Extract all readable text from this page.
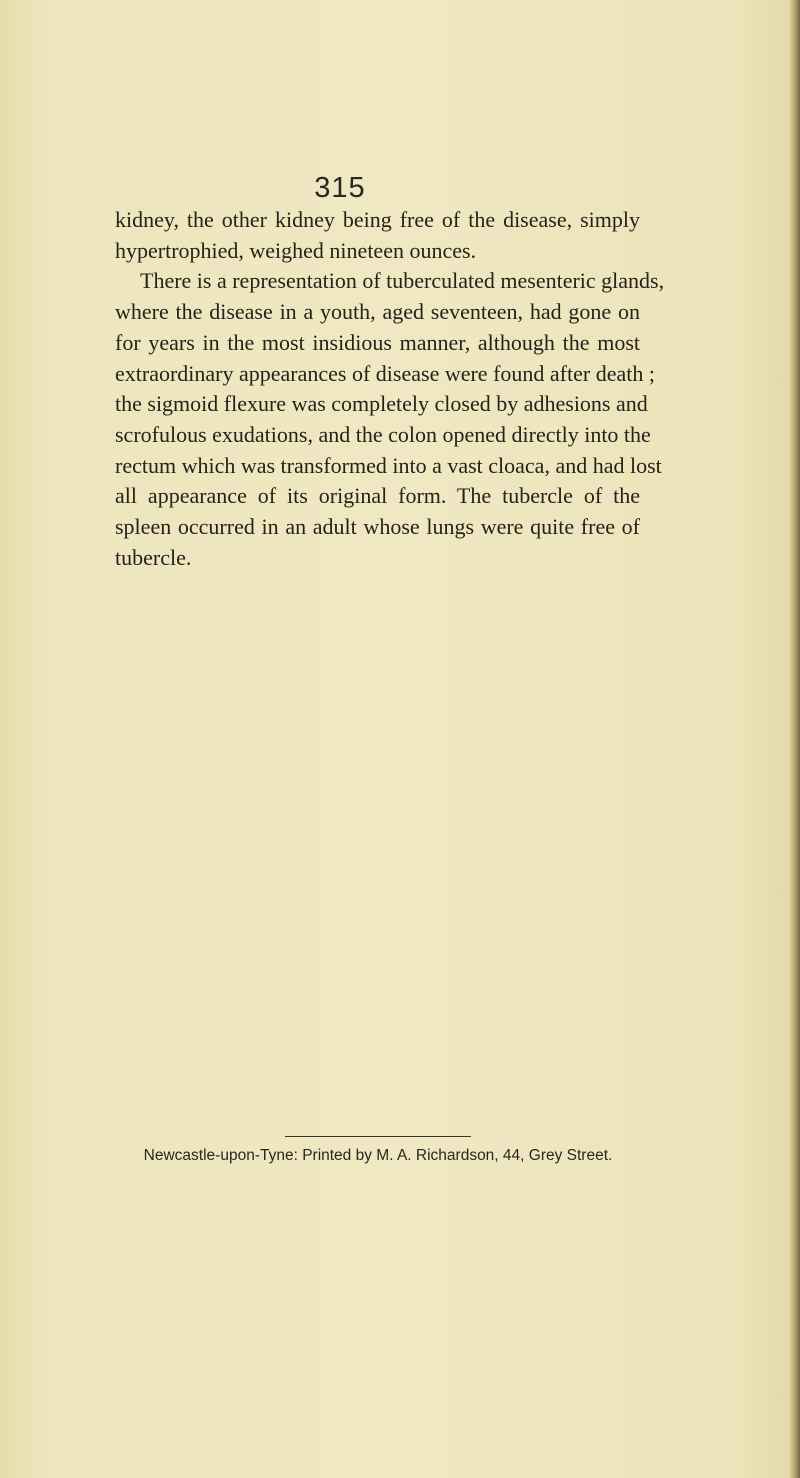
315
kidney, the other kidney being free of the disease, simply
hypertrophied, weighed nineteen ounces.
There is a representation of tuberculated mesenteric glands,
where the disease in a youth, aged seventeen, had gone on
for years in the most insidious manner, although the most
extraordinary appearances of disease were found after death ;
the sigmoid flexure was completely closed by adhesions and
scrofulous exudations, and the colon opened directly into the
rectum which was transformed into a vast cloaca, and had lost
all appearance of its original form. The tubercle of the
spleen occurred in an adult whose lungs were quite free of
tubercle.
Newcastle-upon-Tyne: Printed by M. A. Richardson, 44, Grey Street.
